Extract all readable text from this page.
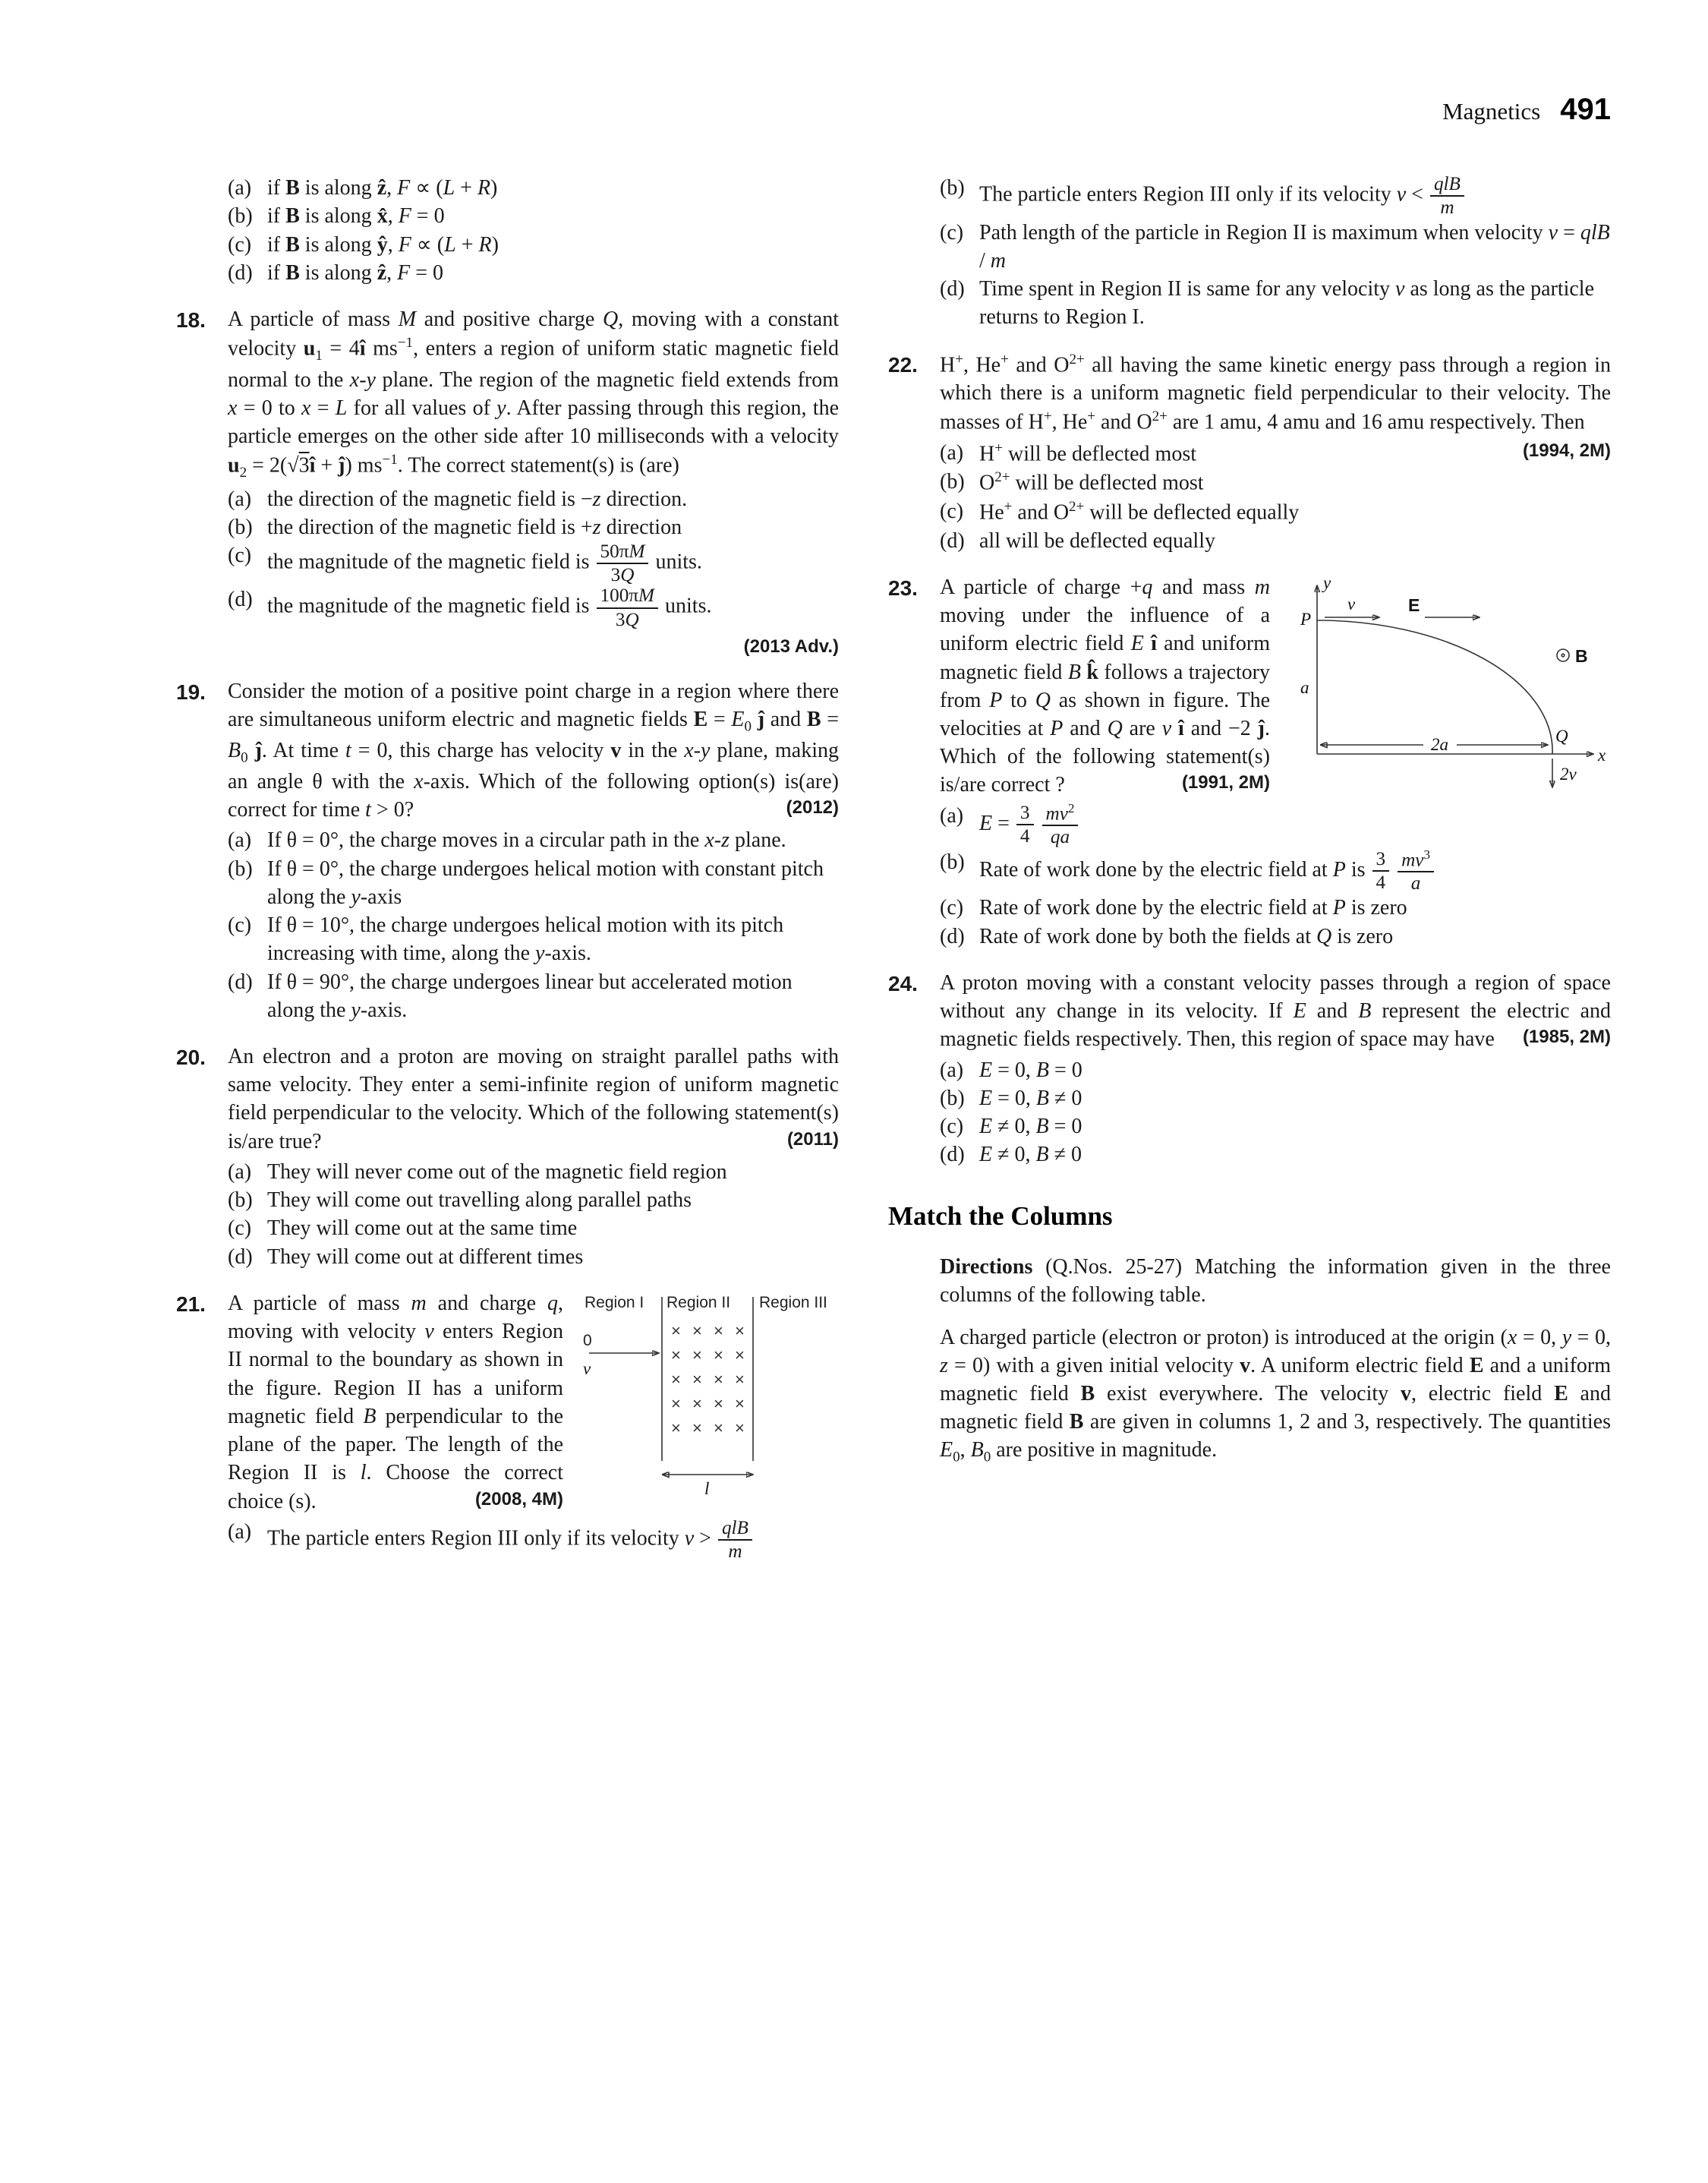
Magnetics 491
(a) if B is along ẑ, F ∝ (L + R)
(b) if B is along x̂, F = 0
(c) if B is along ŷ, F ∝ (L + R)
(d) if B is along ẑ, F = 0
18.	A particle of mass M and positive charge Q, moving with a constant velocity $u_1$ = 4î $ms^{-1}$, enters a region of uniform static magnetic field normal to the x-y plane. The region of the magnetic field extends from x = 0 to x = L for all values of y. After passing through this region, the particle emerges on the other side after 10 milliseconds with a velocity $u_2$ = 2(√3î + ĵ) $ms^{-1}$. The correct statement(s) is (are)
(a) the direction of the magnetic field is −z direction.
(b) the direction of the magnetic field is +z direction
(c) the magnitude of the magnetic field is $\frac{50\pi M}{3Q}$ units.
(d) the magnitude of the magnetic field is $\frac{100\pi M}{3Q}$ units.
(2013 Adv.)
19.	Consider the motion of a positive point charge in a region where there are simultaneous uniform electric and magnetic fields $E = E_0$ ĵ and $B = B_0$ ĵ. At time t = 0, this charge has velocity v in the x-y plane, making an angle θ with the x-axis. Which of the following option(s) is(are) correct for time t > 0?	(2012)
(a) If θ = 0°, the charge moves in a circular path in the x-z plane.
(b) If θ = 0°, the charge undergoes helical motion with constant pitch along the y-axis
(c) If θ = 10°, the charge undergoes helical motion with its pitch increasing with time, along the y-axis.
(d) If θ = 90°, the charge undergoes linear but accelerated motion along the y-axis.
20.	An electron and a proton are moving on straight parallel paths with same velocity. They enter a semi-infinite region of uniform magnetic field perpendicular to the velocity. Which of the following statement(s) is/are true?	(2011)
(a) They will never come out of the magnetic field region
(b) They will come out travelling along parallel paths
(c) They will come out at the same time
(d) They will come out at different times
21.	Region I Region II Region III
0
v
× × × ×
× × × ×
× × × ×
× × × ×
× × × ×
l
A particle of mass m and charge q, moving with velocity v enters Region II normal to the boundary as shown in the figure. Region II has a uniform magnetic field B perpendicular to the plane of the paper. The length of the Region II is l. Choose the correct choice (s).	(2008, 4M)
(a) The particle enters Region III only if its velocity $v > \frac{\text{qlB}}{m}$
(b) The particle enters Region III only if its velocity $v < \frac{\text{qlB}}{m}$
(c) Path length of the particle in Region II is maximum when velocity v = qlB / m
(d) Time spent in Region II is same for any velocity v as long as the particle returns to Region I.
22.	H+, He+ and $O^{2+}$ all having the same kinetic energy pass through a region in which there is a uniform magnetic field perpendicular to their velocity. The masses of H+, He+ and $O^{2+}$ are 1 amu, 4 amu and 16 amu respectively. Then
(a) H+ will be deflected most	(1994, 2M)
(b) $O^{2+}$ will be deflected most
(c) He+ and $O^{2+}$ will be deflected equally
(d) all will be deflected equally
23.	y
x
P
v	E
B
a
2a	Q
2v
A particle of charge +q and mass m moving under the influence of a uniform electric field E î and uniform magnetic field B k̂ follows a trajectory from P to Q as shown in figure. The velocities at P and Q are v î and −2 ĵ. Which of the following statement(s) is/are correct ?	(1991, 2M)
(a) $E = \frac{3}{4}$
$\frac{mv^2}{qa}$
(b) Rate of work done by the electric field at P is $\frac{3}{4}$
$\frac{mv^3}{a}$
(c) Rate of work done by the electric field at P is zero
(d) Rate of work done by both the fields at Q is zero
24.	A proton moving with a constant velocity passes through a region of space without any change in its velocity. If E and B represent the electric and magnetic fields respectively. Then, this region of space may have	(1985, 2M)
(a) E = 0, B = 0
(b) E = 0, B ≠ 0
(c) E ≠ 0, B = 0
(d) E ≠ 0, B ≠ 0
Match the Columns
Directions (Q.Nos. 25-27) Matching the information given in the three columns of the following table.
A charged particle (electron or proton) is introduced at the origin (x = 0, y = 0, z = 0) with a given initial velocity v. A uniform electric field E and a uniform magnetic field B exist everywhere. The velocity v, electric field E and magnetic field B are given in columns 1, 2 and 3, respectively. The quantities $E_0$, $B_0$ are positive in magnitude.
